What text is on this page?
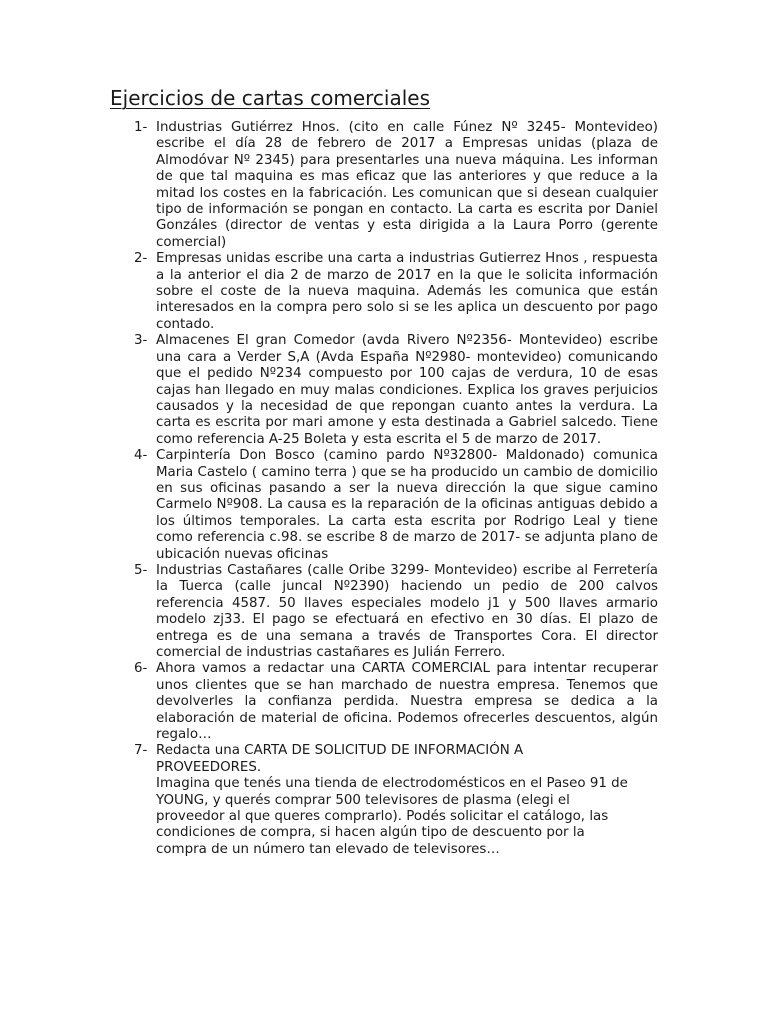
Ejercicios de cartas comerciales
1- Industrias Gutiérrez Hnos. (cito en calle Fúnez Nº 3245- Montevideo) escribe el día 28 de febrero de 2017 a Empresas unidas (plaza de Almodóvar Nº 2345) para presentarles una nueva máquina. Les informan de que tal maquina es mas eficaz que las anteriores y que reduce a la mitad los costes en la fabricación. Les comunican que si desean cualquier tipo de información se pongan en contacto. La carta es escrita por Daniel Gonzáles (director de ventas y esta dirigida a la Laura Porro (gerente comercial)
2- Empresas unidas escribe una carta a industrias Gutierrez Hnos , respuesta a la anterior el dia 2 de marzo de 2017 en la que le solicita información sobre el coste de la nueva maquina. Además les comunica que están interesados en la compra pero solo si se les aplica un descuento por pago contado.
3- Almacenes El gran Comedor (avda Rivero Nº2356- Montevideo) escribe una cara a Verder S,A (Avda España Nº2980- montevideo) comunicando que el pedido Nº234 compuesto por 100 cajas de verdura, 10 de esas cajas han llegado en muy malas condiciones. Explica los graves perjuicios causados y la necesidad de que repongan cuanto antes la verdura. La carta es escrita por mari amone y esta destinada a Gabriel salcedo. Tiene como referencia A-25 Boleta y esta escrita el 5 de marzo de 2017.
4- Carpintería Don Bosco (camino pardo Nº32800- Maldonado) comunica Maria Castelo ( camino terra ) que se ha producido un cambio de domicilio en sus oficinas pasando a ser la nueva dirección la que sigue camino Carmelo Nº908. La causa es la reparación de la oficinas antiguas debido a los últimos temporales. La carta esta escrita por Rodrigo Leal y tiene como referencia c.98. se escribe 8 de marzo de 2017- se adjunta plano de ubicación nuevas oficinas
5- Industrias Castañares (calle Oribe 3299- Montevideo) escribe al Ferretería la Tuerca (calle juncal Nº2390) haciendo un pedio de 200 calvos referencia 4587. 50 llaves especiales modelo j1 y 500 llaves armario modelo zj33. El pago se efectuará en efectivo en 30 días. El plazo de entrega es de una semana a través de Transportes Cora. El director comercial de industrias castañares es Julián Ferrero.
6- Ahora vamos a redactar una CARTA COMERCIAL para intentar recuperar unos clientes que se han marchado de nuestra empresa. Tenemos que devolverles la confianza perdida. Nuestra empresa se dedica a la elaboración de material de oficina. Podemos ofrecerles descuentos, algún regalo…
7- Redacta una CARTA DE SOLICITUD DE INFORMACIÓN A
PROVEEDORES.
Imagina que tenés una tienda de electrodomésticos en el Paseo 91 de
YOUNG, y querés comprar 500 televisores de plasma (elegi el
proveedor al que queres comprarlo). Podés solicitar el catálogo, las
condiciones de compra, si hacen algún tipo de descuento por la
compra de un número tan elevado de televisores…
